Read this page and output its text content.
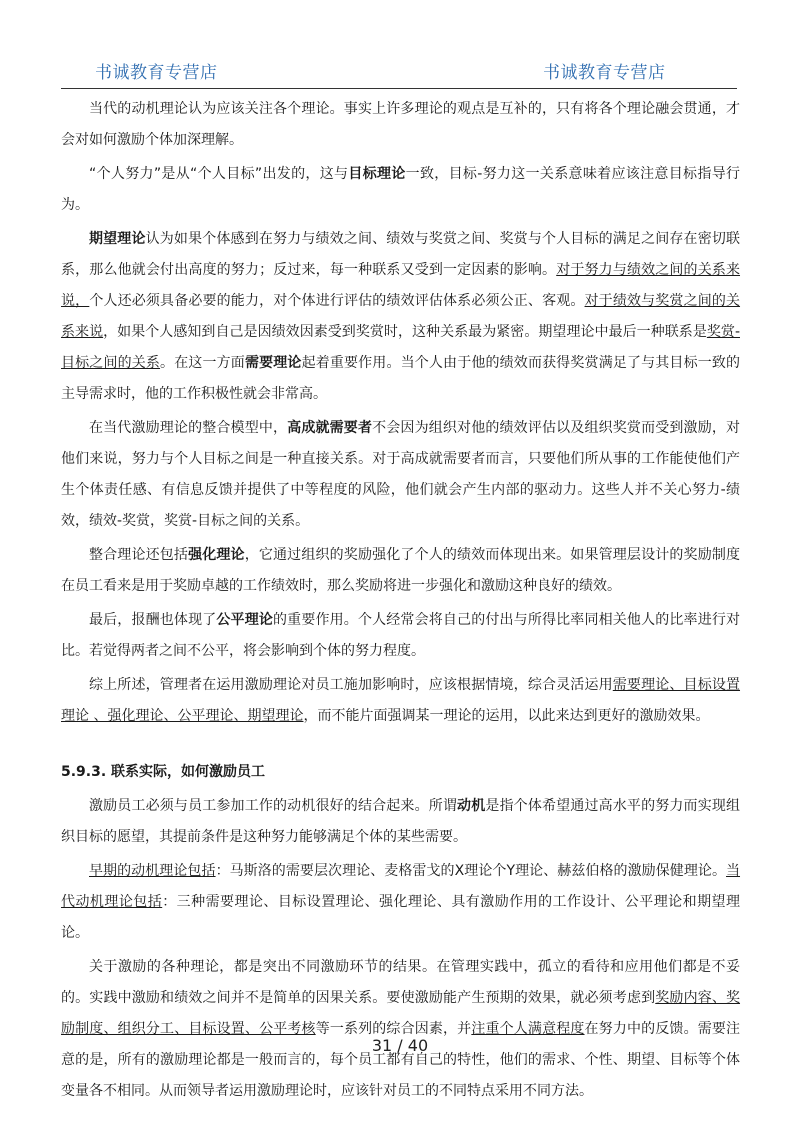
书诚教育专营店	书诚教育专营店

当代的动机理论认为应该关注各个理论。事实上许多理论的观点是互补的，只有将各个理论融会贯通，才会对如何激励个体加深理解。

“个人努力”是从“个人目标”出发的，这与目标理论一致，目标-努力这一关系意味着应该注意目标指导行为。

期望理论认为如果个体感到在努力与绩效之间、绩效与奖赏之间、奖赏与个人目标的满足之间存在密切联系，那么他就会付出高度的努力；反过来，每一种联系又受到一定因素的影响。对于努力与绩效之间的关系来说，个人还必须具备必要的能力，对个体进行评估的绩效评估体系必须公正、客观。对于绩效与奖赏之间的关系来说，如果个人感知到自己是因绩效因素受到奖赏时，这种关系最为紧密。期望理论中最后一种联系是奖赏-目标之间的关系。在这一方面需要理论起着重要作用。当个人由于他的绩效而获得奖赏满足了与其目标一致的主导需求时，他的工作积极性就会非常高。

在当代激励理论的整合模型中，高成就需要者不会因为组织对他的绩效评估以及组织奖赏而受到激励，对他们来说，努力与个人目标之间是一种直接关系。对于高成就需要者而言，只要他们所从事的工作能使他们产生个体责任感、有信息反馈并提供了中等程度的风险，他们就会产生内部的驱动力。这些人并不关心努力-绩效，绩效-奖赏，奖赏-目标之间的关系。

整合理论还包括强化理论，它通过组织的奖励强化了个人的绩效而体现出来。如果管理层设计的奖励制度在员工看来是用于奖励卓越的工作绩效时，那么奖励将进一步强化和激励这种良好的绩效。

最后，报酬也体现了公平理论的重要作用。个人经常会将自己的付出与所得比率同相关他人的比率进行对比。若觉得两者之间不公平，将会影响到个体的努力程度。

综上所述，管理者在运用激励理论对员工施加影响时，应该根据情境，综合灵活运用需要理论、目标设置理论 、强化理论、公平理论、期望理论，而不能片面强调某一理论的运用，以此来达到更好的激励效果。

5.9.3. 联系实际，如何激励员工

激励员工必须与员工参加工作的动机很好的结合起来。所谓动机是指个体希望通过高水平的努力而实现组织目标的愿望，其提前条件是这种努力能够满足个体的某些需要。

早期的动机理论包括：马斯洛的需要层次理论、麦格雷戈的X理论个Y理论、赫兹伯格的激励保健理论。当代动机理论包括：三种需要理论、目标设置理论、强化理论、具有激励作用的工作设计、公平理论和期望理论。

关于激励的各种理论，都是突出不同激励环节的结果。在管理实践中，孤立的看待和应用他们都是不妥的。实践中激励和绩效之间并不是简单的因果关系。要使激励能产生预期的效果，就必须考虑到奖励内容、奖励制度、组织分工、目标设置、公平考核等一系列的综合因素，并注重个人满意程度在努力中的反馈。需要注意的是，所有的激励理论都是一般而言的，每个员工都有自己的特性，他们的需求、个性、期望、目标等个体变量各不相同。从而领导者运用激励理论时，应该针对员工的不同特点采用不同方法。

31 / 40
